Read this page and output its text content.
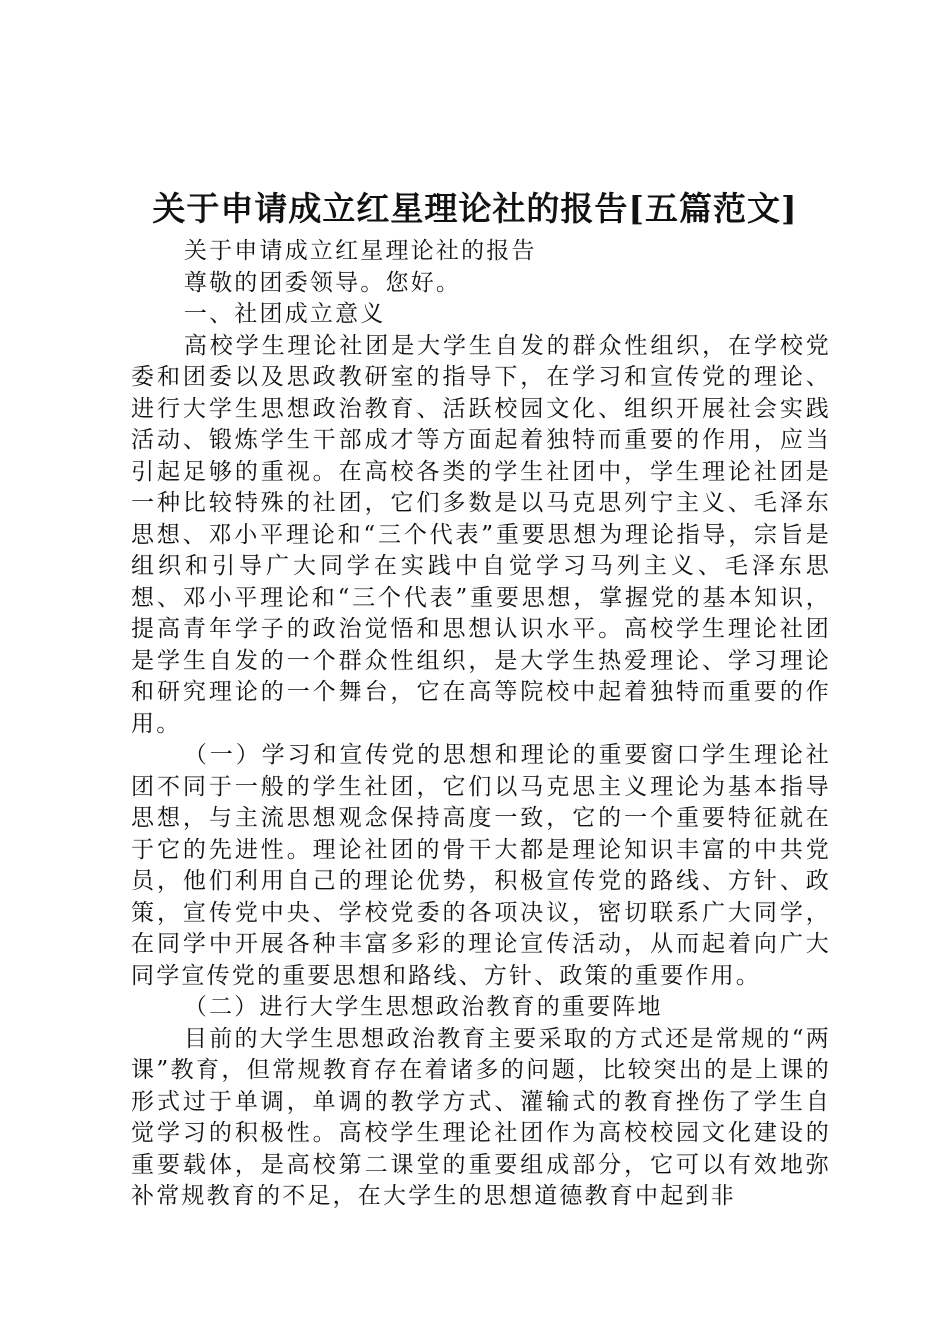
关于申请成立红星理论社的报告[五篇范文]

关于申请成立红星理论社的报告

尊敬的团委领导。您好。

一、社团成立意义

高校学生理论社团是大学生自发的群众性组织，在学校党委和团委以及思政教研室的指导下，在学习和宣传党的理论、进行大学生思想政治教育、活跃校园文化、组织开展社会实践活动、锻炼学生干部成才等方面起着独特而重要的作用，应当引起足够的重视。在高校各类的学生社团中，学生理论社团是一种比较特殊的社团，它们多数是以马克思列宁主义、毛泽东思想、邓小平理论和“三个代表”重要思想为理论指导，宗旨是组织和引导广大同学在实践中自觉学习马列主义、毛泽东思想、邓小平理论和“三个代表”重要思想，掌握党的基本知识，提高青年学子的政治觉悟和思想认识水平。高校学生理论社团是学生自发的一个群众性组织，是大学生热爱理论、学习理论和研究理论的一个舞台，它在高等院校中起着独特而重要的作用。

（一）学习和宣传党的思想和理论的重要窗口学生理论社团不同于一般的学生社团，它们以马克思主义理论为基本指导思想，与主流思想观念保持高度一致，它的一个重要特征就在于它的先进性。理论社团的骨干大都是理论知识丰富的中共党员，他们利用自己的理论优势，积极宣传党的路线、方针、政策，宣传党中央、学校党委的各项决议，密切联系广大同学，在同学中开展各种丰富多彩的理论宣传活动，从而起着向广大同学宣传党的重要思想和路线、方针、政策的重要作用。

（二）进行大学生思想政治教育的重要阵地

目前的大学生思想政治教育主要采取的方式还是常规的“两课”教育，但常规教育存在着诸多的问题，比较突出的是上课的形式过于单调，单调的教学方式、灌输式的教育挫伤了学生自觉学习的积极性。高校学生理论社团作为高校校园文化建设的重要载体，是高校第二课堂的重要组成部分，它可以有效地弥补常规教育的不足，在大学生的思想道德教育中起到非
